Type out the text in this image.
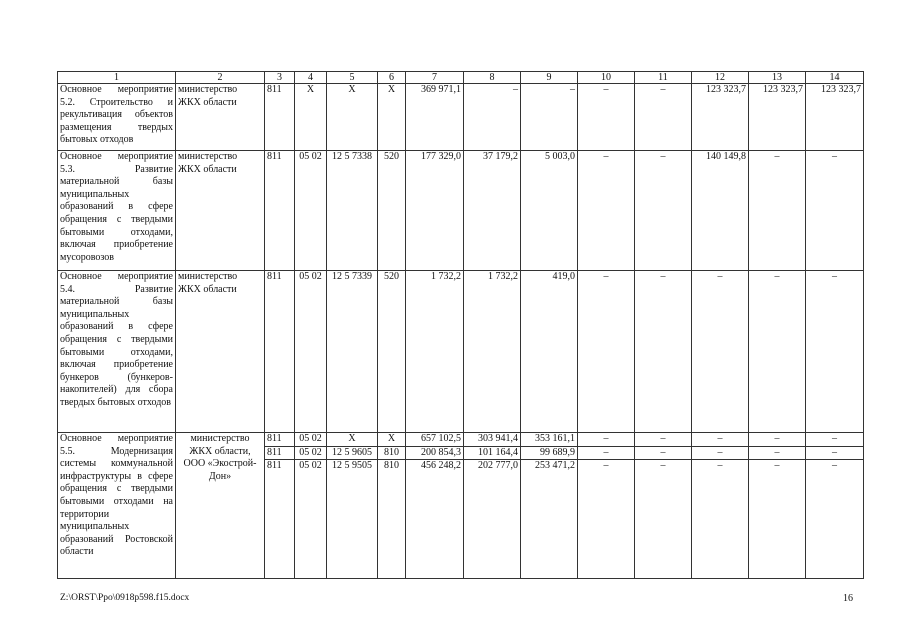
1	2	3	4	5	6	7	8	9	10	11	12	13	14
Основное мероприятие 5.2. Строительство и рекультивация объектов размещения твердых бытовых отходов	министерство ЖКХ области	811	Х	Х	Х	369 971,1	–	–	–	–	123 323,7	123 323,7	123 323,7
Основное мероприятие 5.3. Развитие материальной базы муниципальных образований в сфере обращения с твердыми бытовыми отходами, включая приобретение мусоровозов	министерство ЖКХ области	811	05 02	12 5 7338	520	177 329,0	37 179,2	5 003,0	–	–	140 149,8	–	–
Основное мероприятие 5.4. Развитие материальной базы муниципальных образований в сфере обращения с твердыми бытовыми отходами, включая приобретение бункеров (бункеров-накопителей) для сбора твердых бытовых отходов	министерство ЖКХ области	811	05 02	12 5 7339	520	1 732,2	1 732,2	419,0	–	–	–	–	–
Основное мероприятие 5.5. Модернизация системы коммунальной инфраструктуры в сфере обращения с твердыми бытовыми отходами на территории муниципальных образований Ростовской области	министерство ЖКХ области, ООО «Экострой-Дон»	811	05 02	Х	Х	657 102,5	303 941,4	353 161,1	–	–	–	–	–
		811	05 02	12 5 9605	810	200 854,3	101 164,4	99 689,9	–	–	–	–	–
		811	05 02	12 5 9505	810	456 248,2	202 777,0	253 471,2	–	–	–	–	–
Z:\ORST\Ppo\0918p598.f15.docx	16
